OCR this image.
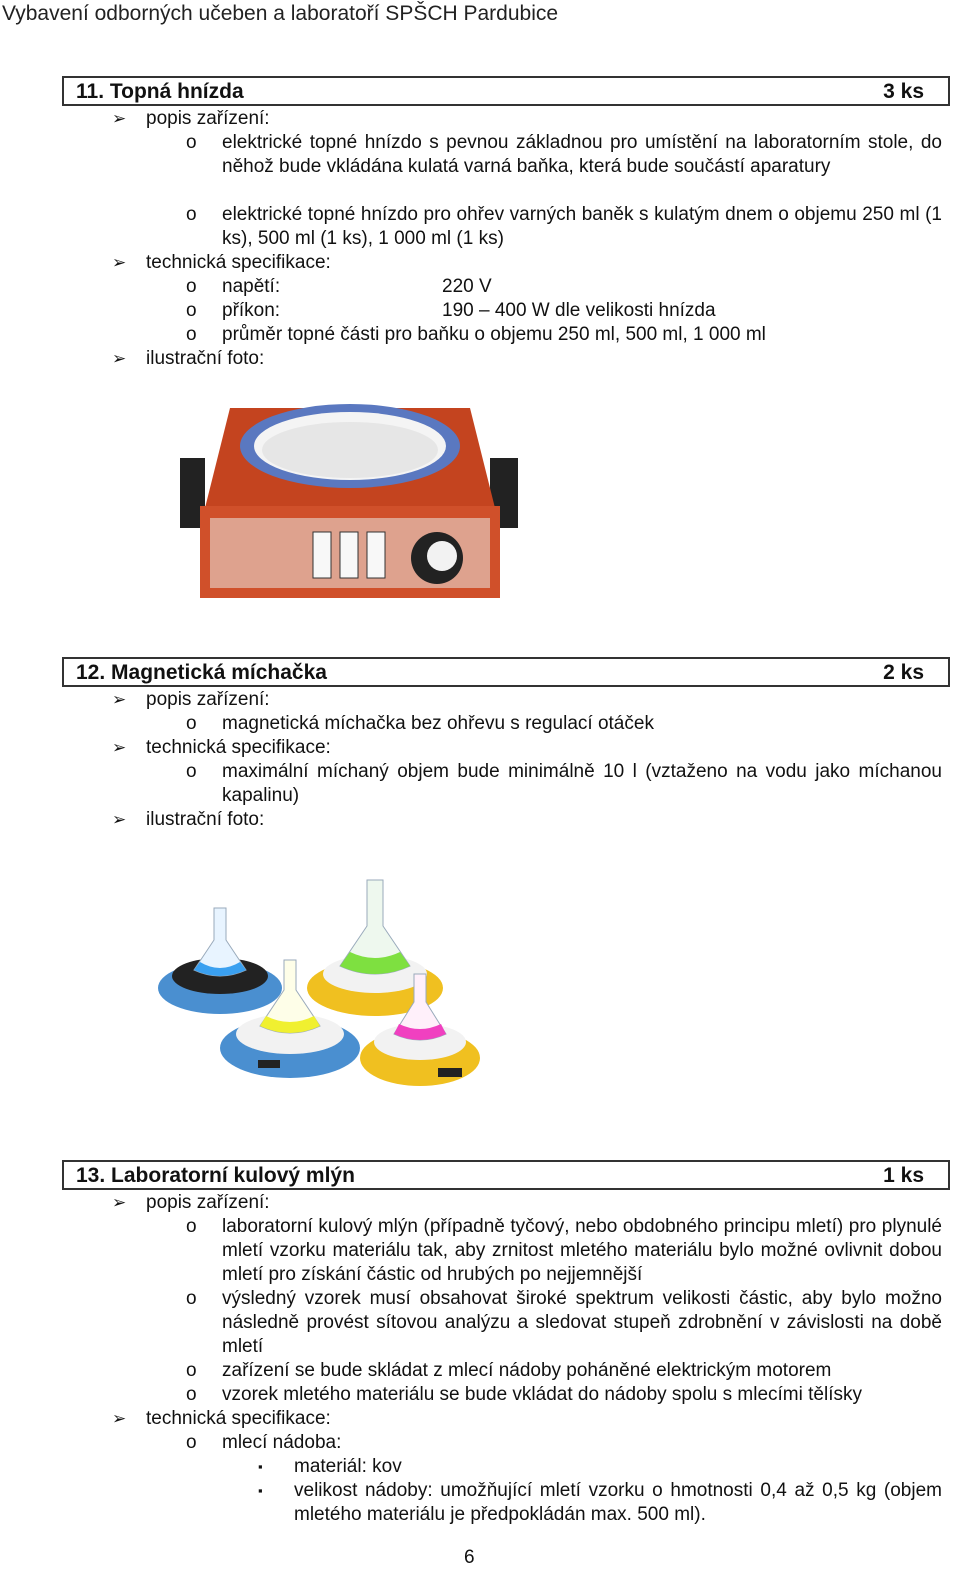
Vybavení odborných učeben a laboratoří SPŠCH Pardubice
11. Topná hnízda	3 ks
➢ popis zařízení:
o elektrické topné hnízdo s pevnou základnou pro umístění na laboratorním stole, do něhož bude vkládána kulatá varná baňka, která bude součástí aparatury
o elektrické topné hnízdo pro ohřev varných baněk s kulatým dnem o objemu 250 ml (1 ks), 500 ml (1 ks), 1 000 ml (1 ks)
➢ technická specifikace:
o napětí:	220 V
o příkon:	190 – 400 W dle velikosti hnízda
o průměr topné části pro baňku o objemu 250 ml, 500 ml, 1 000 ml
➢ ilustrační foto:
12. Magnetická míchačka	2 ks
➢ popis zařízení:
o magnetická míchačka bez ohřevu s regulací otáček
➢ technická specifikace:
o maximální míchaný objem bude minimálně 10 l (vztaženo na vodu jako míchanou kapalinu)
➢ ilustrační foto:
13. Laboratorní kulový mlýn	1 ks
➢ popis zařízení:
o laboratorní kulový mlýn (případně tyčový, nebo obdobného principu mletí) pro plynulé mletí vzorku materiálu tak, aby zrnitost mletého materiálu bylo možné ovlivnit dobou mletí pro získání částic od hrubých po nejjemnější
o výsledný vzorek musí obsahovat široké spektrum velikosti částic, aby bylo možno následně provést sítovou analýzu a sledovat stupeň zdrobnění v závislosti na době mletí
o zařízení se bude skládat z mlecí nádoby poháněné elektrickým motorem
o vzorek mletého materiálu se bude vkládat do nádoby spolu s mlecími tělísky
➢ technická specifikace:
o mlecí nádoba:
▪ materiál: kov
▪ velikost nádoby: umožňující mletí vzorku o hmotnosti 0,4 až 0,5 kg (objem mletého materiálu je předpokládán max. 500 ml).
6
